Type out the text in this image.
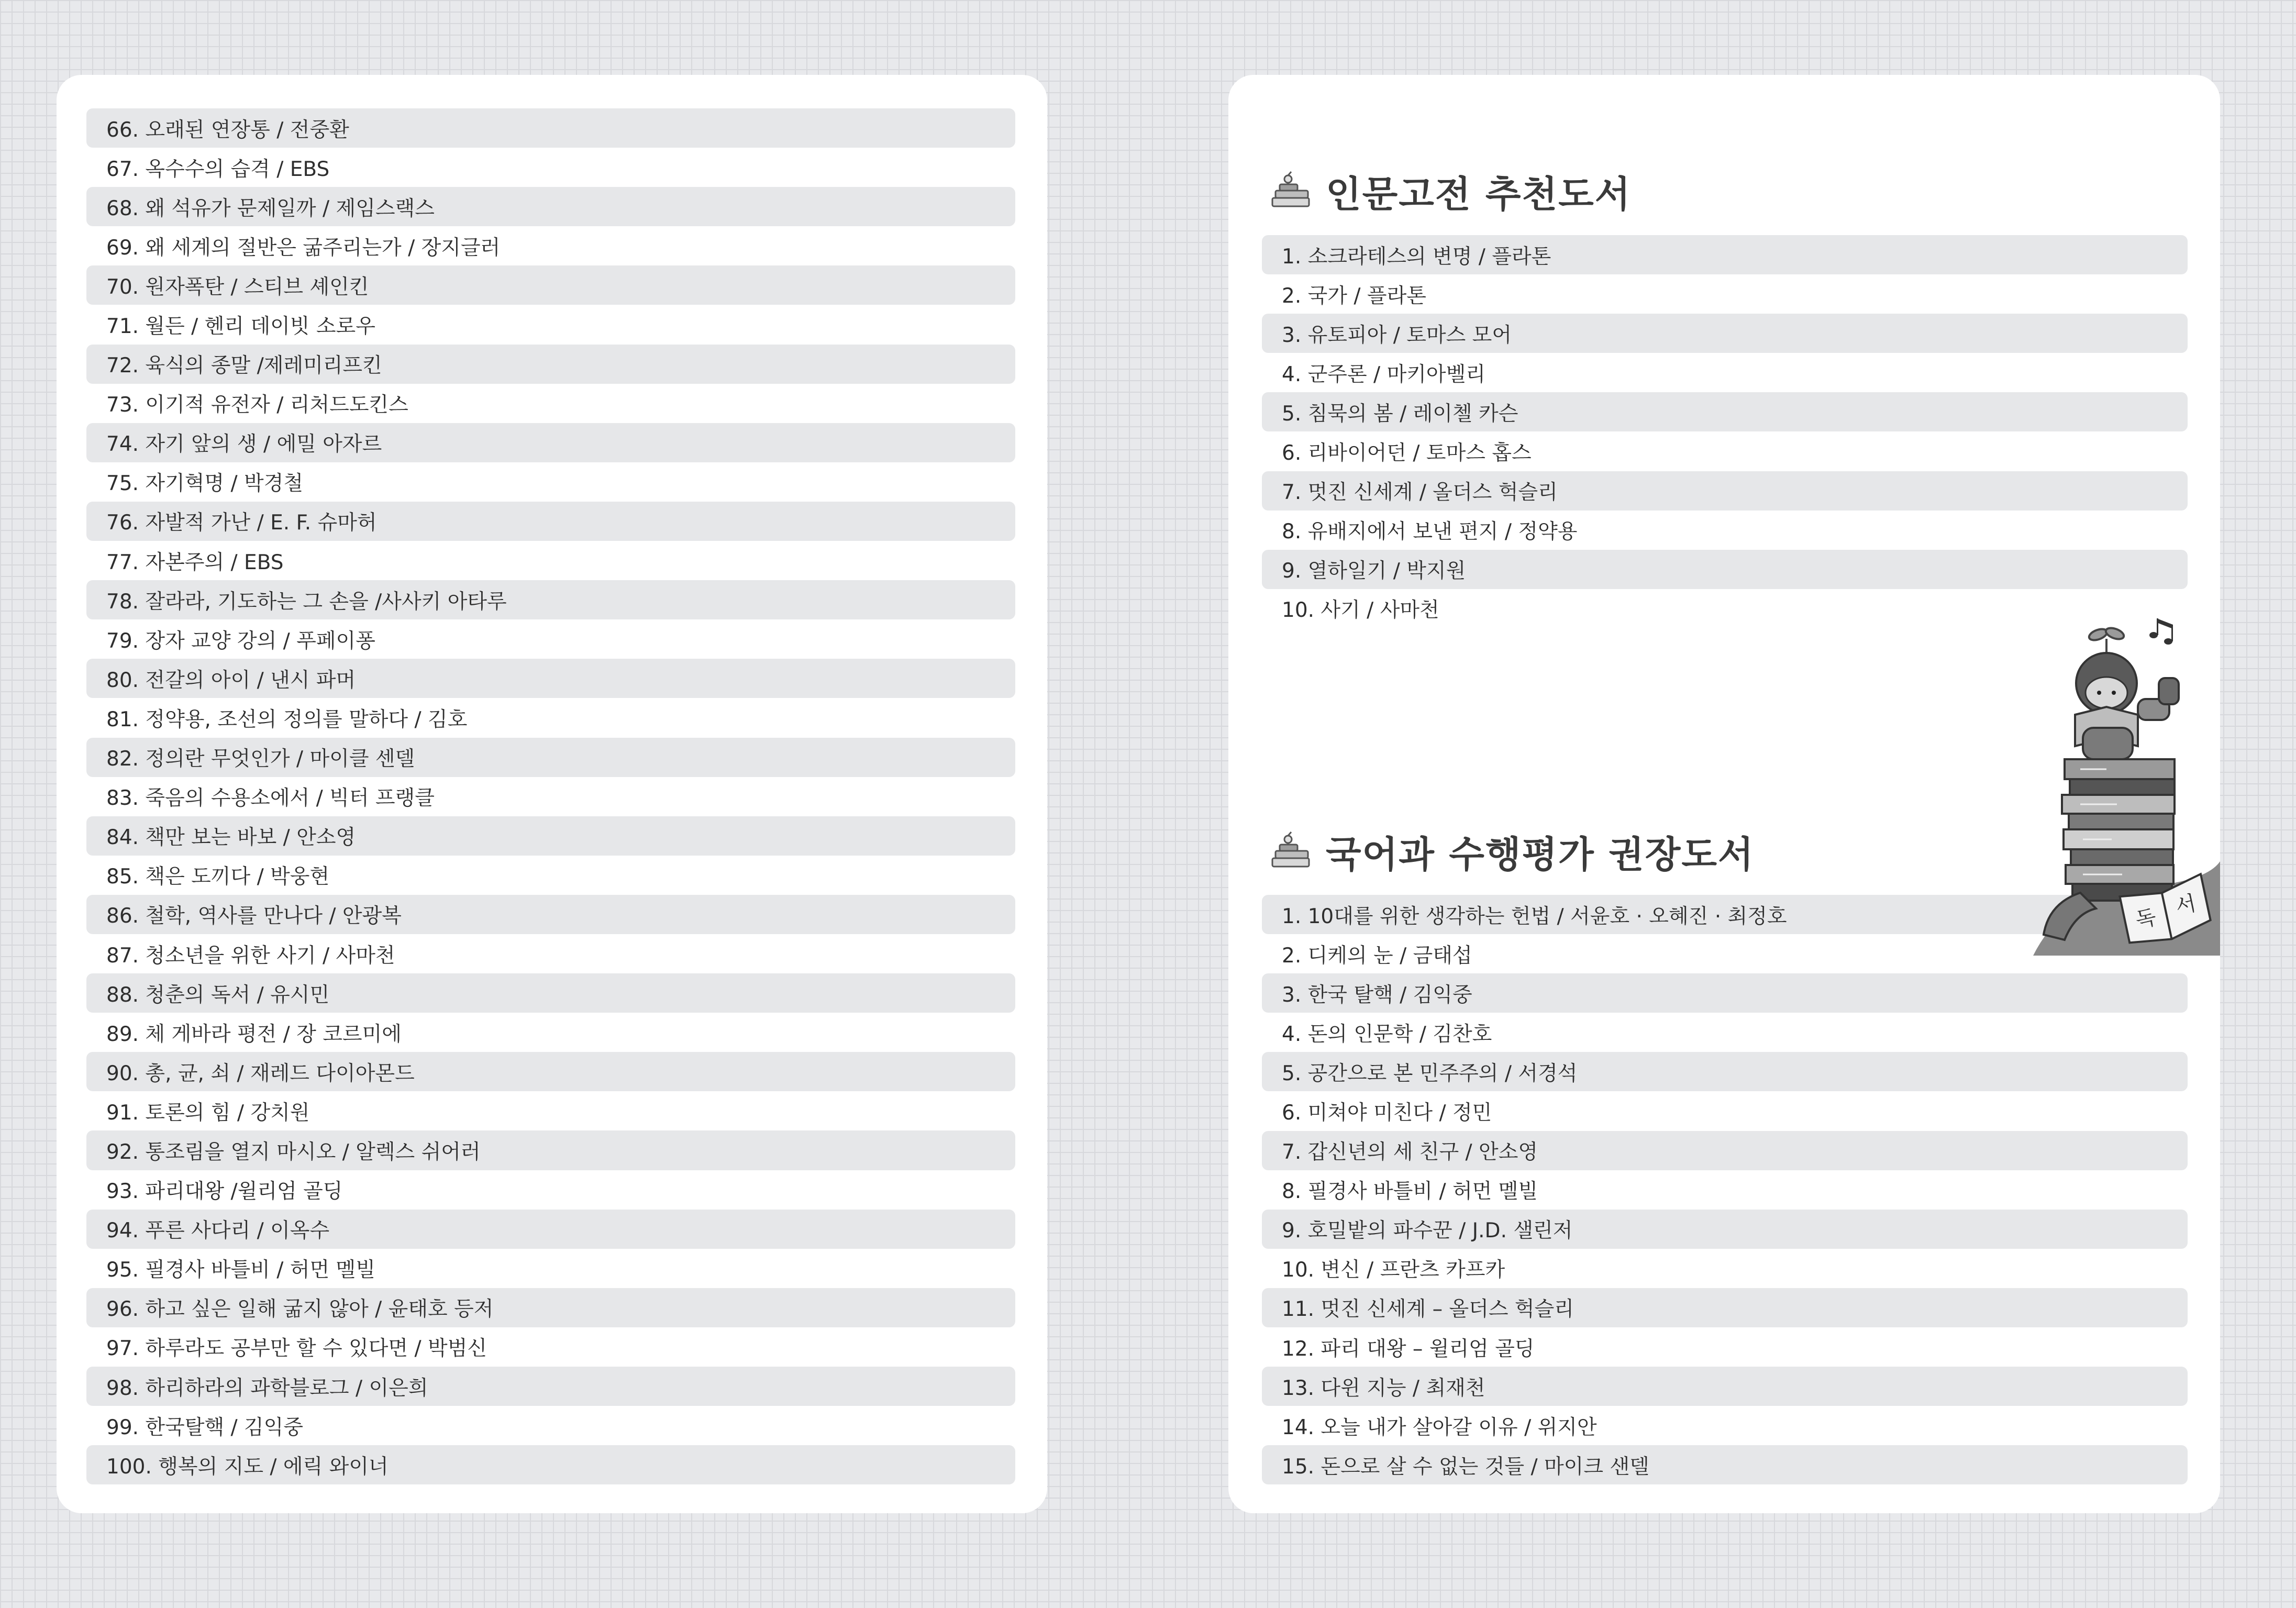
66. 오래된 연장통 / 전중환
67. 옥수수의 습격 / EBS
68. 왜 석유가 문제일까 / 제임스랙스
69. 왜 세계의 절반은 굶주리는가 / 장지글러
70. 원자폭탄 / 스티브 셰인킨
71. 월든 / 헨리 데이빗 소로우
72. 육식의 종말 /제레미리프킨
73. 이기적 유전자 / 리처드도킨스
74. 자기 앞의 생 / 에밀 아자르
75. 자기혁명 / 박경철
76. 자발적 가난 / E. F. 슈마허
77. 자본주의 / EBS
78. 잘라라, 기도하는 그 손을 /사사키 아타루
79. 장자 교양 강의 / 푸페이퐁
80. 전갈의 아이 / 낸시 파머
81. 정약용, 조선의 정의를 말하다 / 김호
82. 정의란 무엇인가 / 마이클 센델
83. 죽음의 수용소에서 / 빅터 프랭클
84. 책만 보는 바보 / 안소영
85. 책은 도끼다 / 박웅현
86. 철학, 역사를 만나다 / 안광복
87. 청소년을 위한 사기 / 사마천
88. 청춘의 독서 / 유시민
89. 체 게바라 평전 / 장 코르미에
90. 총, 균, 쇠 / 재레드 다이아몬드
91. 토론의 힘 / 강치원
92. 통조림을 열지 마시오 / 알렉스 쉬어러
93. 파리대왕 /윌리엄 골딩
94. 푸른 사다리 / 이옥수
95. 필경사 바틀비 / 허먼 멜빌
96. 하고 싶은 일해 굶지 않아 / 윤태호 등저
97. 하루라도 공부만 할 수 있다면 / 박범신
98. 하리하라의 과학블로그 / 이은희
99. 한국탈핵 / 김익중
100. 행복의 지도 / 에릭 와이너
인문고전 추천도서
1. 소크라테스의 변명 / 플라톤
2. 국가 / 플라톤
3. 유토피아 / 토마스 모어
4. 군주론 / 마키아벨리
5. 침묵의 봄 / 레이첼 카슨
6. 리바이어던 / 토마스 홉스
7. 멋진 신세계 / 올더스 헉슬리
8. 유배지에서 보낸 편지 / 정약용
9. 열하일기 / 박지원
10. 사기 / 사마천
국어과 수행평가 권장도서
1. 10대를 위한 생각하는 헌법 / 서윤호 · 오혜진 · 최정호
2. 디케의 눈 / 금태섭
3. 한국 탈핵 / 김익중
4. 돈의 인문학 / 김찬호
5. 공간으로 본 민주주의 / 서경석
6. 미쳐야 미친다 / 정민
7. 갑신년의 세 친구 / 안소영
8. 필경사 바틀비 / 허먼 멜빌
9. 호밀밭의 파수꾼 / J.D. 샐린저
10. 변신 / 프란츠 카프카
11. 멋진 신세계 – 올더스 헉슬리
12. 파리 대왕 – 윌리엄 골딩
13. 다윈 지능 / 최재천
14. 오늘 내가 살아갈 이유 / 위지안
15. 돈으로 살 수 없는 것들 / 마이크 샌델
독 서
